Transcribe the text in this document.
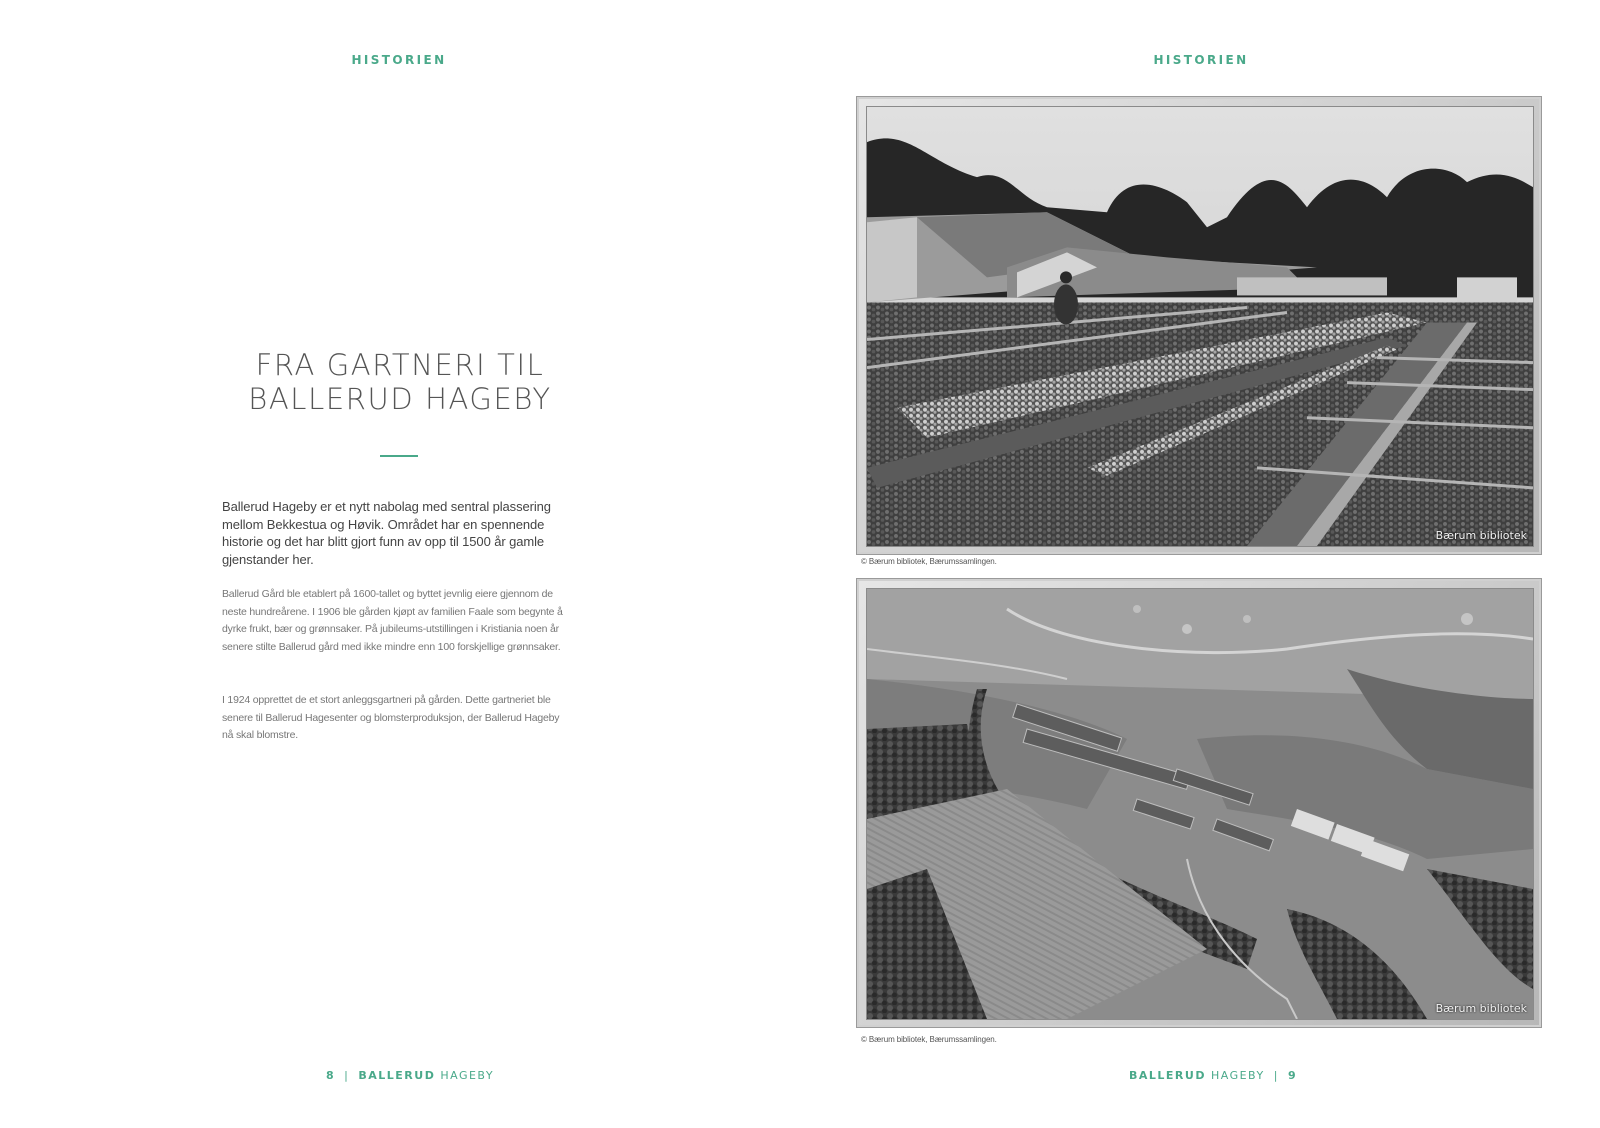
HISTORIEN
FRA GARTNERI TIL
BALLERUD HAGEBY
Ballerud Hageby er et nytt nabolag med sentral plassering mellom Bekkestua og Høvik. Området har en spennende historie og det har blitt gjort funn av opp til 1500 år gamle gjenstander her.
Ballerud Gård ble etablert på 1600-tallet og byttet jevnlig eiere gjennom de neste hundreårene. I 1906 ble gården kjøpt av familien Faale som begynte å dyrke frukt, bær og grønnsaker. På jubileums-utstillingen i Kristiania noen år senere stilte Ballerud gård med ikke mindre enn 100 forskjellige grønnsaker.
I 1924 opprettet de et stort anleggsgartneri på gården. Dette gartneriet ble senere til Ballerud Hagesenter og blomsterproduksjon, der Ballerud Hageby nå skal blomstre.
8 | BALLERUD HAGEBY
HISTORIEN
Bærum bibliotek
© Bærum bibliotek, Bærumssamlingen.
Bærum bibliotek
© Bærum bibliotek, Bærumssamlingen.
BALLERUD HAGEBY | 9
